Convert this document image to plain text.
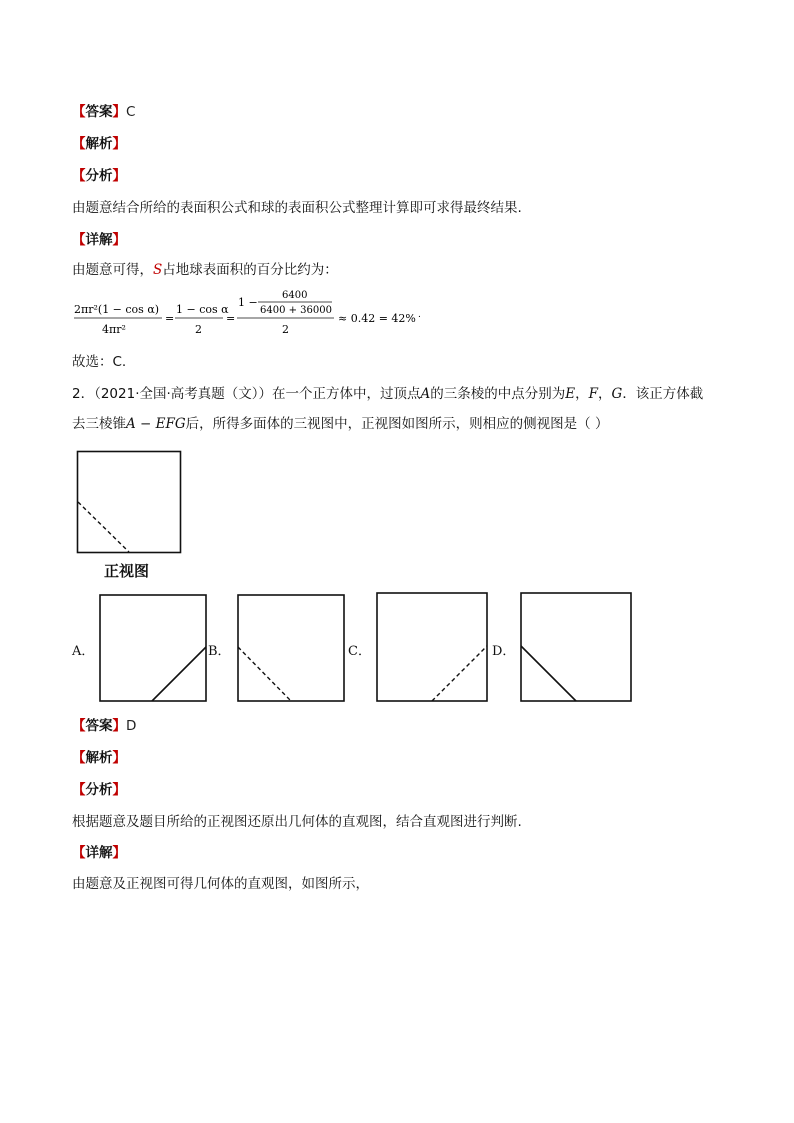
【答案】C
【解析】
【分析】
由题意结合所给的表面积公式和球的表面积公式整理计算即可求得最终结果.
【详解】
由题意可得，S占地球表面积的百分比约为：
2πr²(1 − cos α)
4πr²
=
1 − cos α
2
=
1 −
6400
6400 + 36000
2
≈ 0.42 = 42% .
故选：C.
2．（2021·全国·高考真题（文））在一个正方体中，过顶点A的三条棱的中点分别为E，F，G．该正方体截
去三棱锥A − EFG后，所得多面体的三视图中，正视图如图所示，则相应的侧视图是（ ）
正视图
A．	B．	C．	D．
【答案】D
【解析】
【分析】
根据题意及题目所给的正视图还原出几何体的直观图，结合直观图进行判断.
【详解】
由题意及正视图可得几何体的直观图，如图所示，
